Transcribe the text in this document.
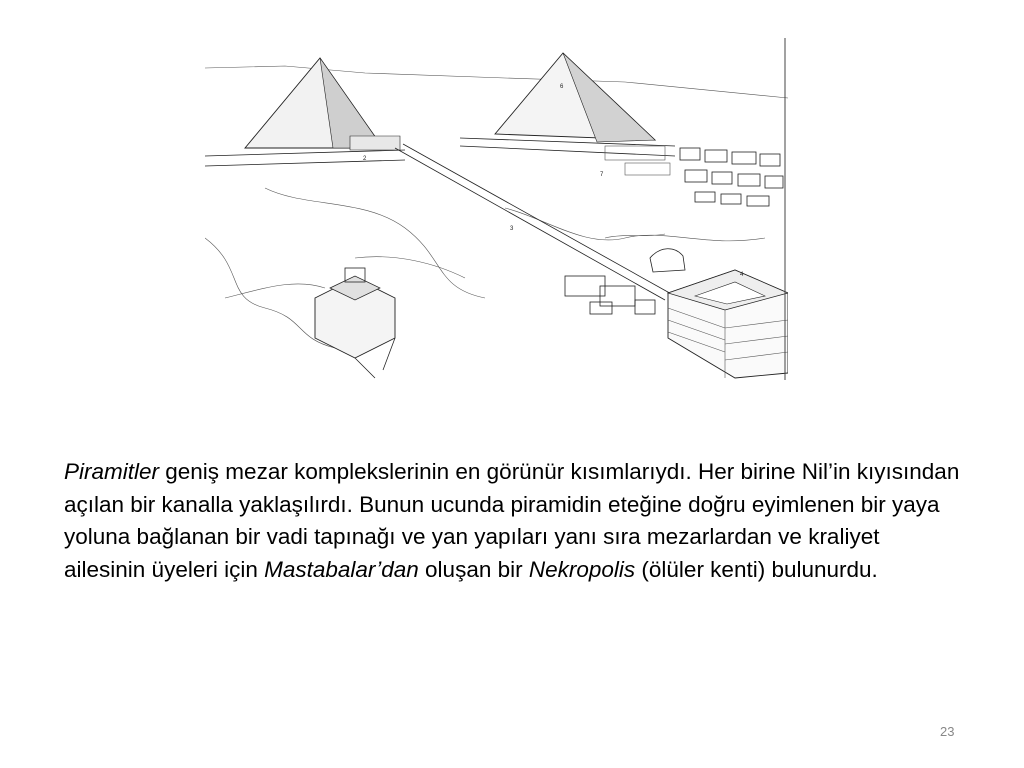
2
3
4
6
7

Piramitler geniş mezar komplekslerinin en görünür kısımlarıydı. Her birine Nil’in kıyısından açılan bir kanalla yaklaşılırdı. Bunun ucunda piramidin eteğine doğru eyimlenen bir yaya yoluna bağlanan bir vadi tapınağı ve yan yapıları yanı sıra mezarlardan ve kraliyet ailesinin üyeleri için Mastabalar’dan oluşan bir Nekropolis (ölüler kenti) bulunurdu.

23
